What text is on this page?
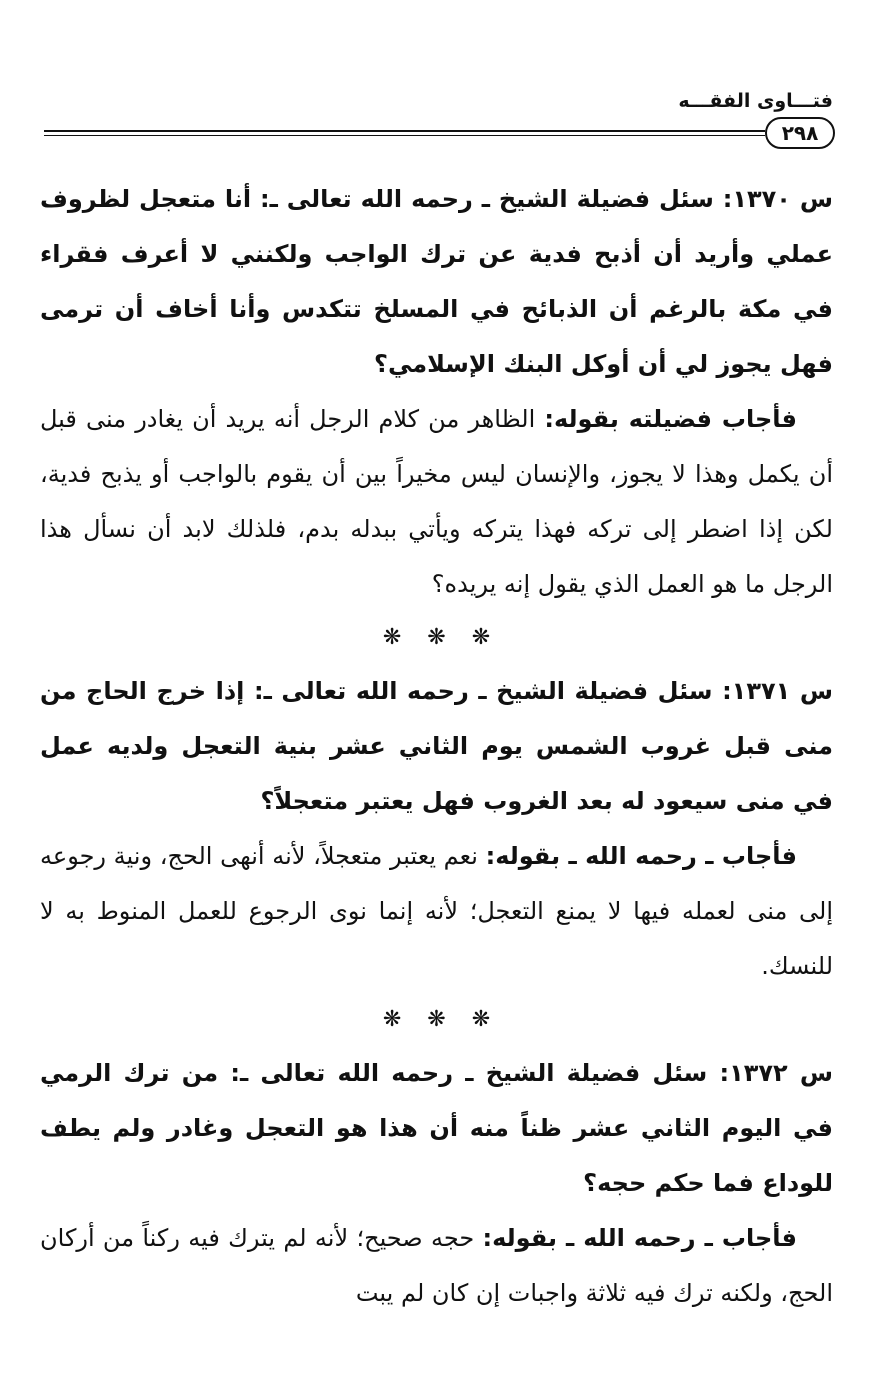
فتـــاوى الفقـــه
٢٩٨

س ١٣٧٠: سئل فضيلة الشيخ ـ رحمه الله تعالى ـ: أنا متعجل لظروف عملي وأريد أن أذبح فدية عن ترك الواجب ولكنني لا أعرف فقراء في مكة بالرغم أن الذبائح في المسلخ تتكدس وأنا أخاف أن ترمى فهل يجوز لي أن أوكل البنك الإسلامي؟

فأجاب فضيلته بقوله: الظاهر من كلام الرجل أنه يريد أن يغادر منى قبل أن يكمل وهذا لا يجوز، والإنسان ليس مخيراً بين أن يقوم بالواجب أو يذبح فدية، لكن إذا اضطر إلى تركه فهذا يتركه ويأتي ببدله بدم، فلذلك لابد أن نسأل هذا الرجل ما هو العمل الذي يقول إنه يريده؟

❋❋❋

س ١٣٧١: سئل فضيلة الشيخ ـ رحمه الله تعالى ـ: إذا خرج الحاج من منى قبل غروب الشمس يوم الثاني عشر بنية التعجل ولديه عمل في منى سيعود له بعد الغروب فهل يعتبر متعجلاً؟

فأجاب ـ رحمه الله ـ بقوله: نعم يعتبر متعجلاً، لأنه أنهى الحج، ونية رجوعه إلى منى لعمله فيها لا يمنع التعجل؛ لأنه إنما نوى الرجوع للعمل المنوط به لا للنسك.

❋❋❋

س ١٣٧٢: سئل فضيلة الشيخ ـ رحمه الله تعالى ـ: من ترك الرمي في اليوم الثاني عشر ظناً منه أن هذا هو التعجل وغادر ولم يطف للوداع فما حكم حجه؟

فأجاب ـ رحمه الله ـ بقوله: حجه صحيح؛ لأنه لم يترك فيه ركناً من أركان الحج، ولكنه ترك فيه ثلاثة واجبات إن كان لم يبت
